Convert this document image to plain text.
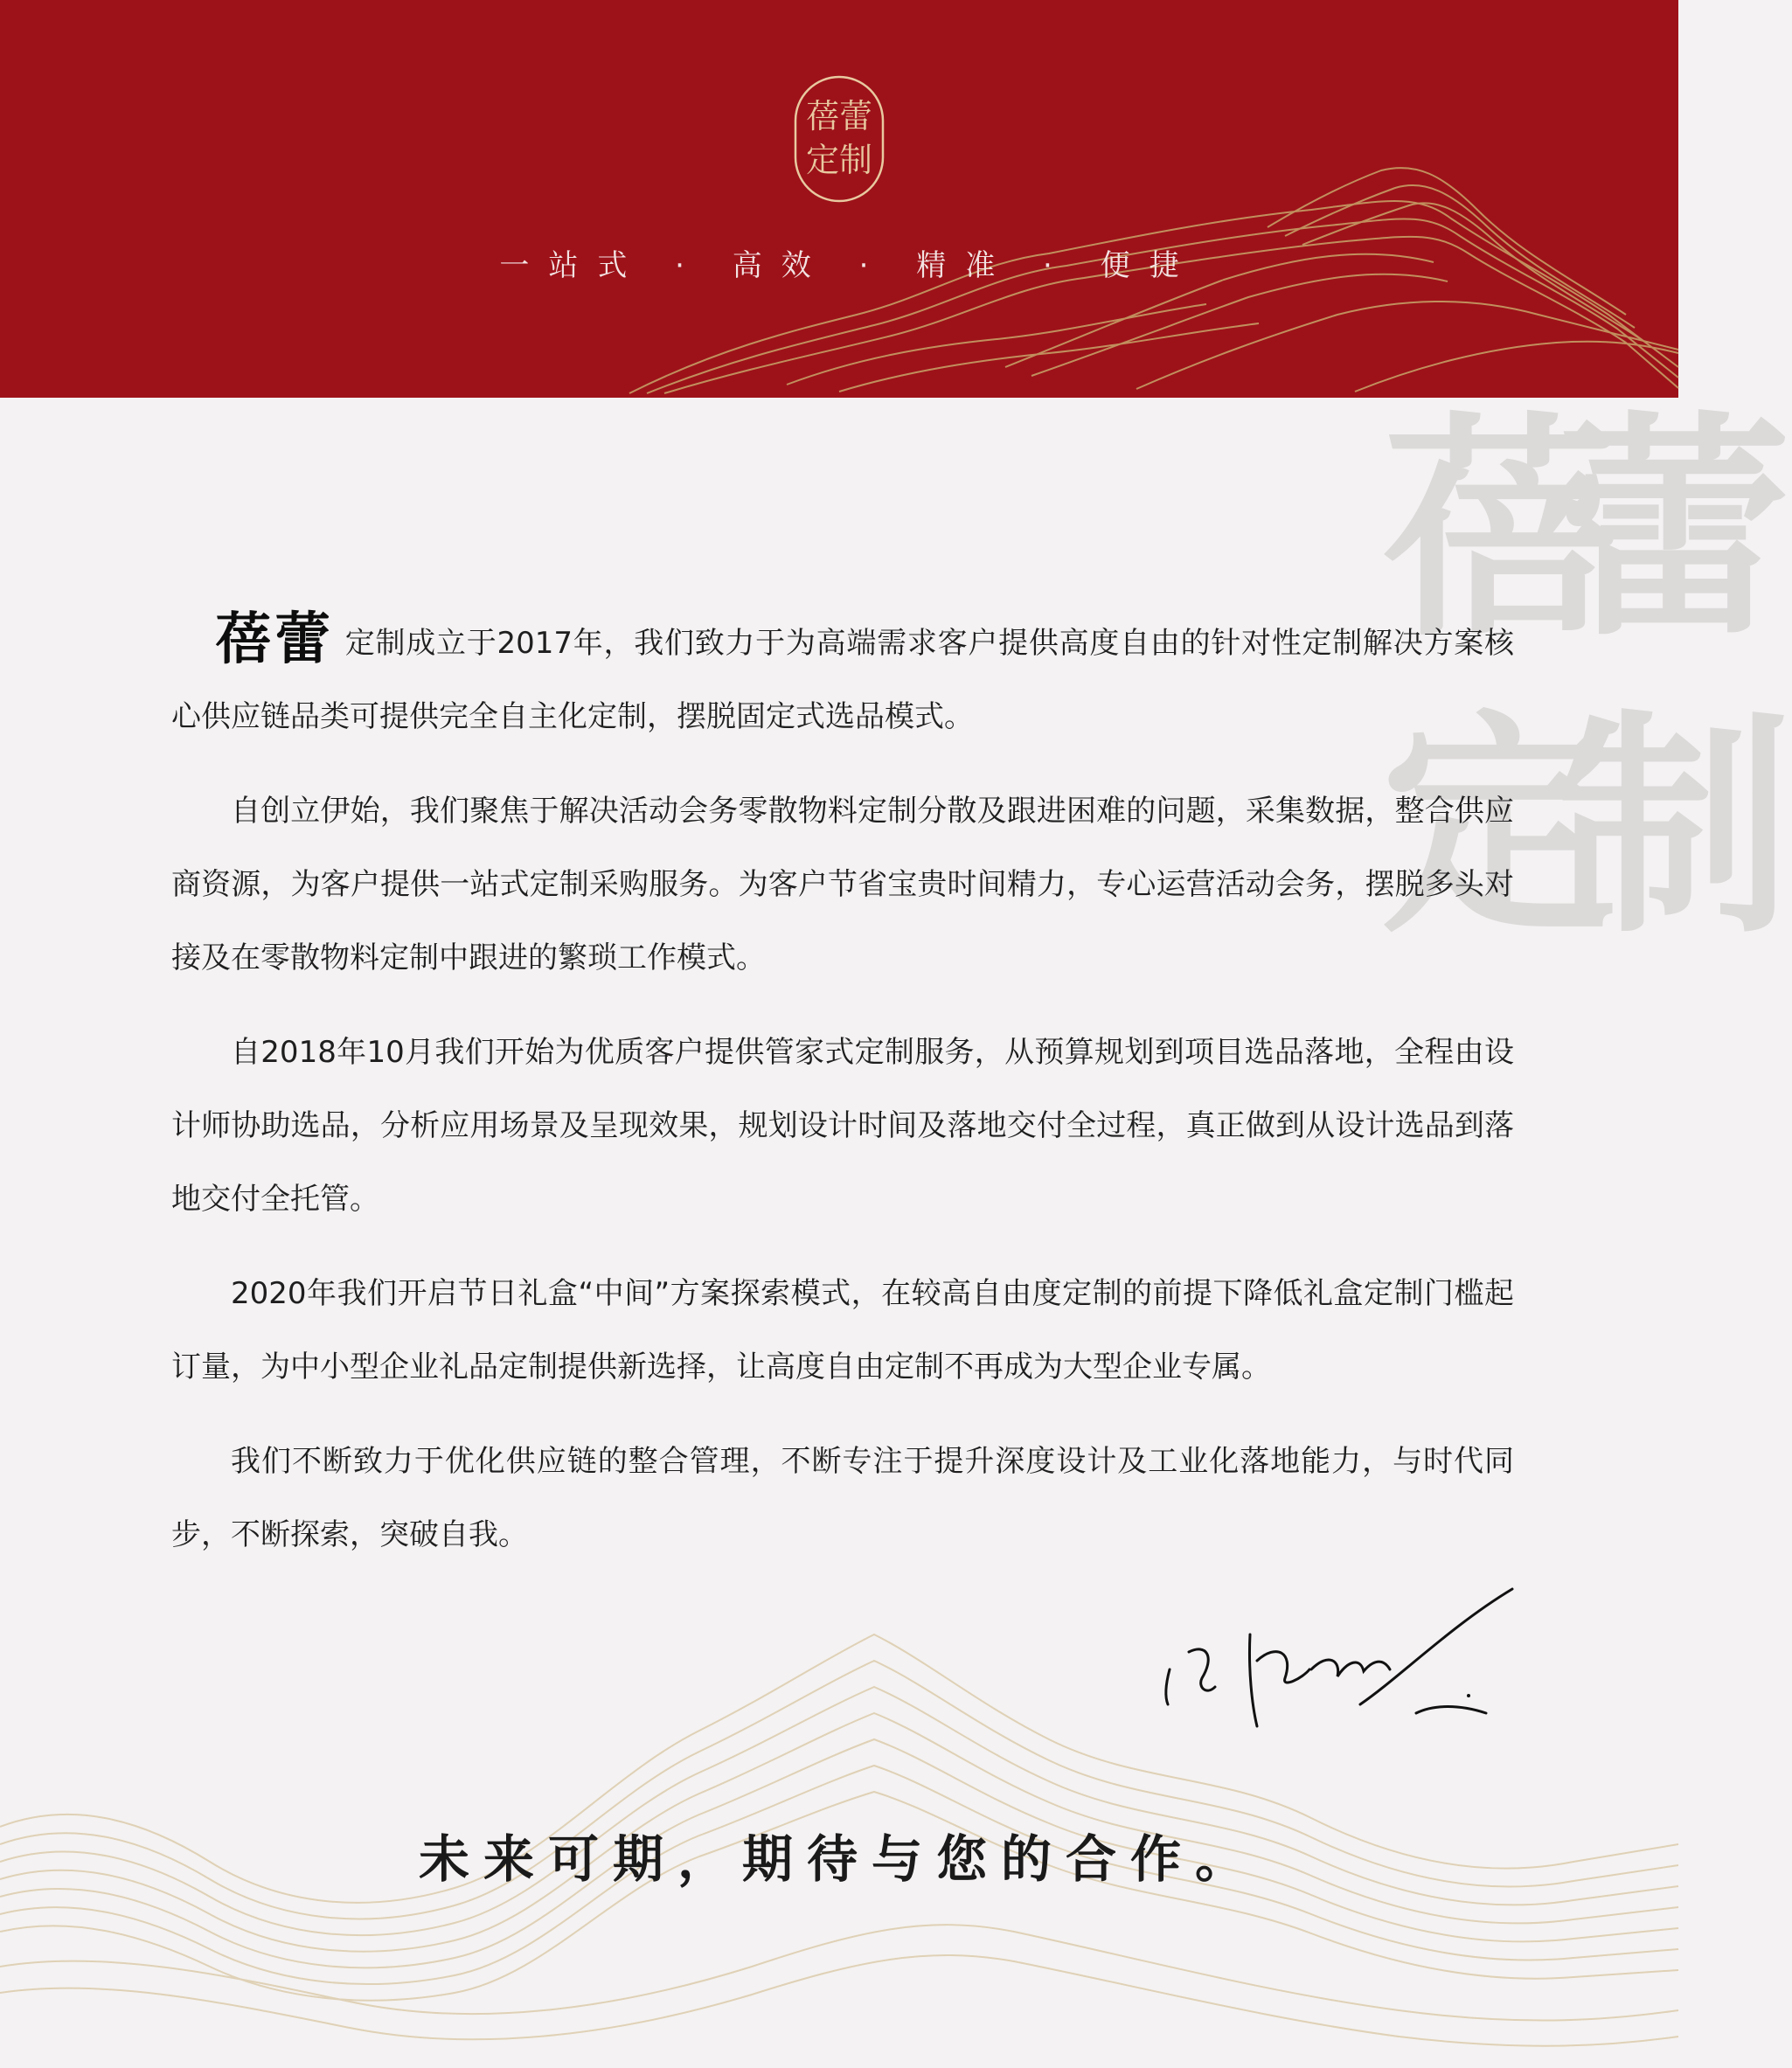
蓓蕾
定制
一站式 · 高效 · 精准 · 便捷
蓓
蕾
定
制

蓓蕾 定制成立于2017年，我们致力于为高端需求客户提供高度自由的针对性定制解决方案核心供应链品类可提供完全自主化定制，摆脱固定式选品模式。

自创立伊始，我们聚焦于解决活动会务零散物料定制分散及跟进困难的问题，采集数据，整合供应商资源，为客户提供一站式定制采购服务。为客户节省宝贵时间精力，专心运营活动会务，摆脱多头对接及在零散物料定制中跟进的繁琐工作模式。

自2018年10月我们开始为优质客户提供管家式定制服务，从预算规划到项目选品落地，全程由设计师协助选品，分析应用场景及呈现效果，规划设计时间及落地交付全过程，真正做到从设计选品到落地交付全托管。

2020年我们开启节日礼盒“中间”方案探索模式，在较高自由度定制的前提下降低礼盒定制门槛起订量，为中小型企业礼品定制提供新选择，让高度自由定制不再成为大型企业专属。

我们不断致力于优化供应链的整合管理，不断专注于提升深度设计及工业化落地能力，与时代同步，不断探索，突破自我。

未来可期，期待与您的合作。
